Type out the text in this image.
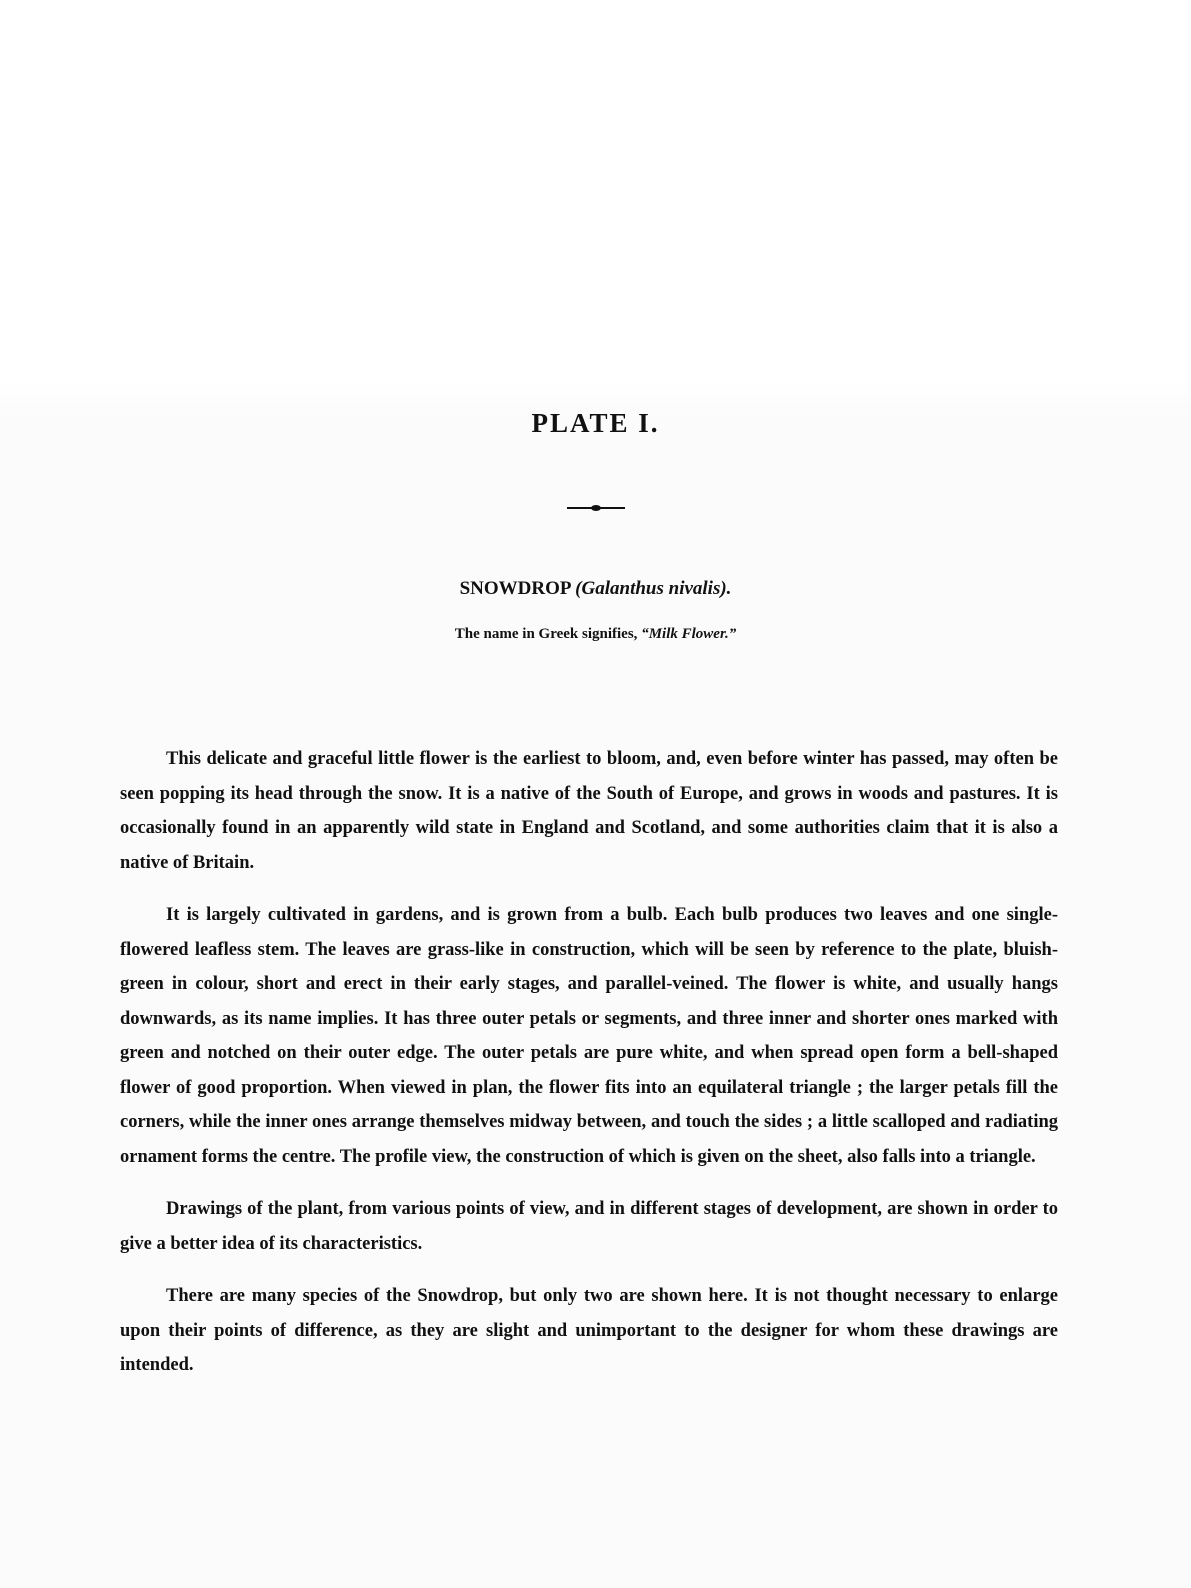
PLATE I.
SNOWDROP (Galanthus nivalis).

The name in Greek signifies, “Milk Flower.”

This delicate and graceful little flower is the earliest to bloom, and, even before winter has passed, may often be seen popping its head through the snow. It is a native of the South of Europe, and grows in woods and pastures. It is occasionally found in an apparently wild state in England and Scotland, and some authorities claim that it is also a native of Britain.

It is largely cultivated in gardens, and is grown from a bulb. Each bulb produces two leaves and one single-flowered leafless stem. The leaves are grass-like in construction, which will be seen by reference to the plate, bluish-green in colour, short and erect in their early stages, and parallel-veined. The flower is white, and usually hangs downwards, as its name implies. It has three outer petals or segments, and three inner and shorter ones marked with green and notched on their outer edge. The outer petals are pure white, and when spread open form a bell-shaped flower of good proportion. When viewed in plan, the flower fits into an equilateral triangle ; the larger petals fill the corners, while the inner ones arrange themselves midway between, and touch the sides ; a little scalloped and radiating ornament forms the centre. The profile view, the construction of which is given on the sheet, also falls into a triangle.

Drawings of the plant, from various points of view, and in different stages of development, are shown in order to give a better idea of its characteristics.

There are many species of the Snowdrop, but only two are shown here. It is not thought necessary to enlarge upon their points of difference, as they are slight and unimportant to the designer for whom these drawings are intended.
